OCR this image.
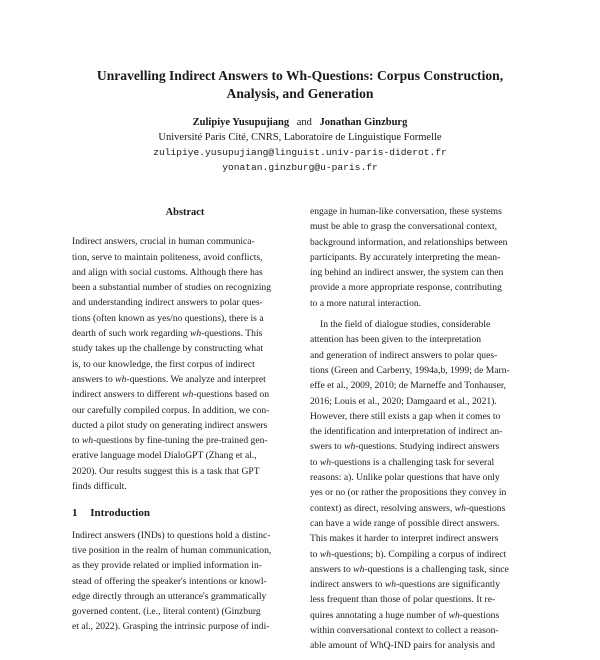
Unravelling Indirect Answers to Wh-Questions: Corpus Construction,
Analysis, and Generation
Zulipiye Yusupujiang and Jonathan Ginzburg
Université Paris Cité, CNRS, Laboratoire de Linguistique Formelle
zulipiye.yusupujiang@linguist.univ-paris-diderot.fr
yonatan.ginzburg@u-paris.fr
Abstract
Indirect answers, crucial in human communica-
tion, serve to maintain politeness, avoid conflicts,
and align with social customs. Although there has
been a substantial number of studies on recognizing
and understanding indirect answers to polar ques-
tions (often known as yes/no questions), there is a
dearth of such work regarding wh-questions. This
study takes up the challenge by constructing what
is, to our knowledge, the first corpus of indirect
answers to wh-questions. We analyze and interpret
indirect answers to different wh-questions based on
our carefully compiled corpus. In addition, we con-
ducted a pilot study on generating indirect answers
to wh-questions by fine-tuning the pre-trained gen-
erative language model DialoGPT (Zhang et al.,
2020). Our results suggest this is a task that GPT
finds difficult.
1 Introduction
Indirect answers (INDs) to questions hold a distinc-
tive position in the realm of human communication,
as they provide related or implied information in-
stead of offering the speaker's intentions or knowl-
edge directly through an utterance's grammatically
governed content. (i.e., literal content) (Ginzburg
et al., 2022). Grasping the intrinsic purpose of indi-
engage in human-like conversation, these systems
must be able to grasp the conversational context,
background information, and relationships between
participants. By accurately interpreting the mean-
ing behind an indirect answer, the system can then
provide a more appropriate response, contributing
to a more natural interaction.
In the field of dialogue studies, considerable
attention has been given to the interpretation
and generation of indirect answers to polar ques-
tions (Green and Carberry, 1994a,b, 1999; de Marn-
effe et al., 2009, 2010; de Marneffe and Tonhauser,
2016; Louis et al., 2020; Damgaard et al., 2021).
However, there still exists a gap when it comes to
the identification and interpretation of indirect an-
swers to wh-questions. Studying indirect answers
to wh-questions is a challenging task for several
reasons: a). Unlike polar questions that have only
yes or no (or rather the propositions they convey in
context) as direct, resolving answers, wh-questions
can have a wide range of possible direct answers.
This makes it harder to interpret indirect answers
to wh-questions; b). Compiling a corpus of indirect
answers to wh-questions is a challenging task, since
indirect answers to wh-questions are significantly
less frequent than those of polar questions. It re-
quires annotating a huge number of wh-questions
within conversational context to collect a reason-
able amount of WhQ-IND pairs for analysis and
